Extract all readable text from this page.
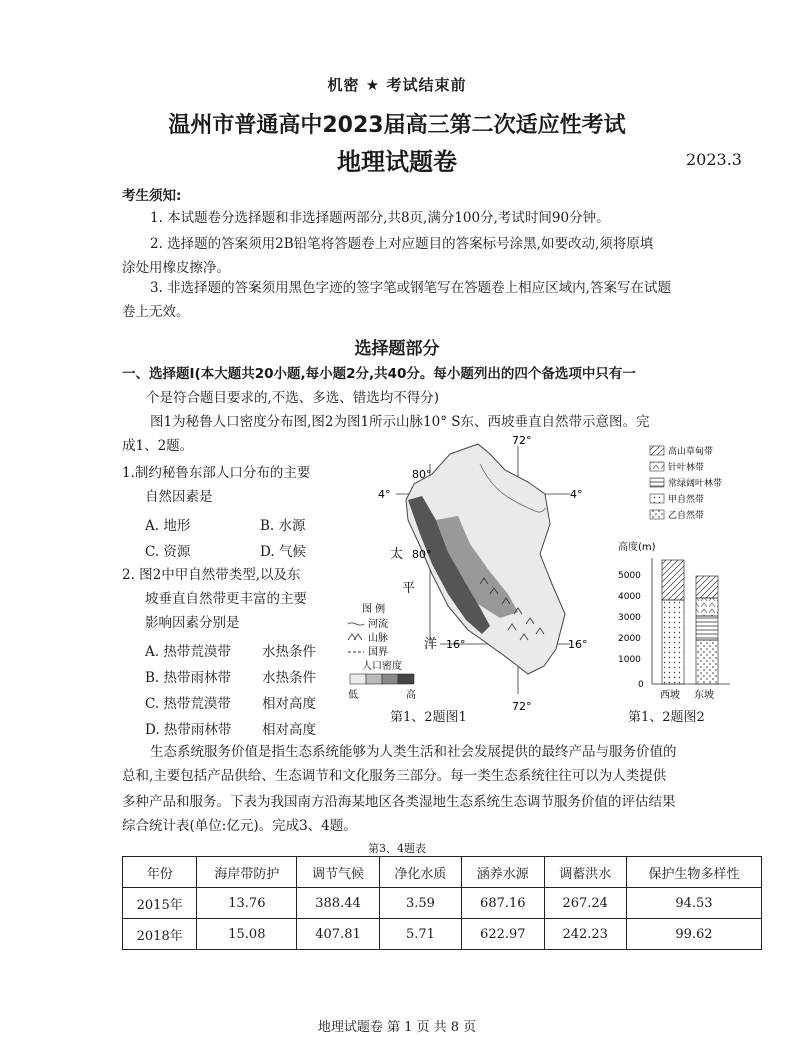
机密 ★ 考试结束前
温州市普通高中2023届高三第二次适应性考试
地理试题卷	2023.3
考生须知:
1. 本试题卷分选择题和非选择题两部分,共8页,满分100分,考试时间90分钟。
2. 选择题的答案须用2B铅笔将答题卷上对应题目的答案标号涂黑,如要改动,须将原填
涂处用橡皮擦净。
3. 非选择题的答案须用黑色字迹的签字笔或钢笔写在答题卷上相应区域内,答案写在试题
卷上无效。
选择题部分
一、选择题Ⅰ(本大题共20小题,每小题2分,共40分。每小题列出的四个备选项中只有一
个是符合题目要求的,不选、多选、错选均不得分)
图1为秘鲁人口密度分布图,图2为图1所示山脉10° S东、西坡垂直自然带示意图。完
成1、2题。
1.制约秘鲁东部人口分布的主要
自然因素是
A. 地形	B. 水源
C. 资源	D. 气候
2. 图2中甲自然带类型,以及东
坡垂直自然带更丰富的主要
影响因素分别是
A. 热带荒漠带 水热条件
B. 热带雨林带 水热条件
C. 热带荒漠带 相对高度
D. 热带雨林带 相对高度
72°
80°
4°	4°
80°
16°	16°
72°
太
平
洋
图 例
河流
山脉
国界
人口密度
低	高
第1、2题图1
高山草甸带
针叶林带
常绿阔叶林带
甲自然带
乙自然带
高度(m)
5000
4000
3000
2000
1000
0
西坡 东坡
第1、2题图2
生态系统服务价值是指生态系统能够为人类生活和社会发展提供的最终产品与服务价值的
总和,主要包括产品供给、生态调节和文化服务三部分。每一类生态系统往往可以为人类提供
多种产品和服务。下表为我国南方沿海某地区各类湿地生态系统生态调节服务价值的评估结果
综合统计表(单位:亿元)。完成3、4题。
第3、4题表
年份	海岸带防护	调节气候	净化水质	涵养水源	调蓄洪水	保护生物多样性
2015年	13.76	388.44	3.59	687.16	267.24	94.53
2018年	15.08	407.81	5.71	622.97	242.23	99.62
地理试题卷 第 1 页 共 8 页
